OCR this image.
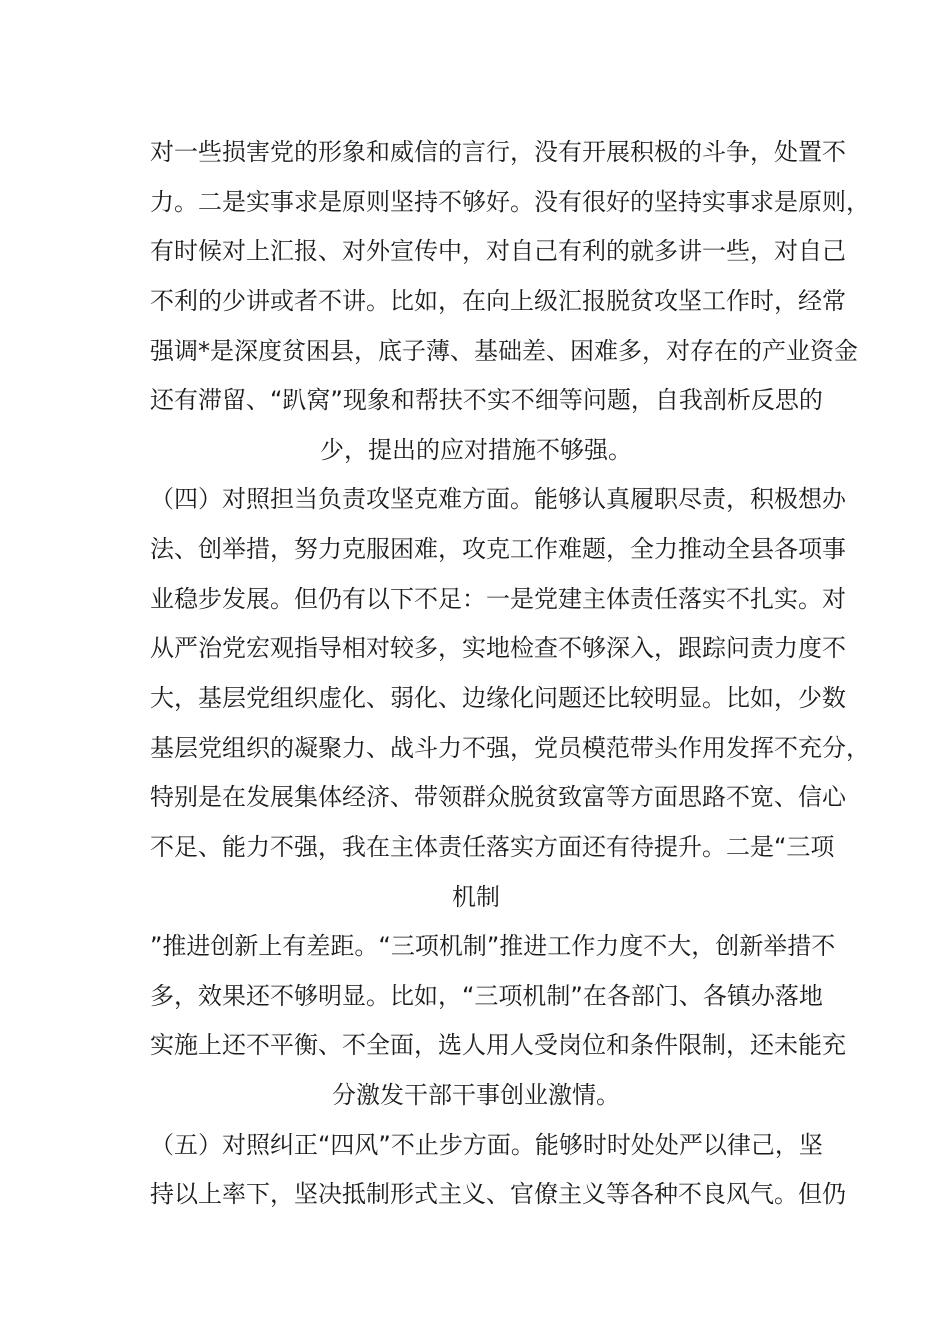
对一些损害党的形象和威信的言行，没有开展积极的斗争，处置不
力。二是实事求是原则坚持不够好。没有很好的坚持实事求是原则，
有时候对上汇报、对外宣传中，对自己有利的就多讲一些，对自己
不利的少讲或者不讲。比如，在向上级汇报脱贫攻坚工作时，经常
强调*是深度贫困县，底子薄、基础差、困难多，对存在的产业资金
还有滞留、“趴窝”现象和帮扶不实不细等问题，自我剖析反思的
少，提出的应对措施不够强。
（四）对照担当负责攻坚克难方面。能够认真履职尽责，积极想办
法、创举措，努力克服困难，攻克工作难题，全力推动全县各项事
业稳步发展。但仍有以下不足：一是党建主体责任落实不扎实。对
从严治党宏观指导相对较多，实地检查不够深入，跟踪问责力度不
大，基层党组织虚化、弱化、边缘化问题还比较明显。比如，少数
基层党组织的凝聚力、战斗力不强，党员模范带头作用发挥不充分，
特别是在发展集体经济、带领群众脱贫致富等方面思路不宽、信心
不足、能力不强，我在主体责任落实方面还有待提升。二是“三项
机制
”推进创新上有差距。“三项机制”推进工作力度不大，创新举措不
多，效果还不够明显。比如，“三项机制”在各部门、各镇办落地
实施上还不平衡、不全面，选人用人受岗位和条件限制，还未能充
分激发干部干事创业激情。
（五）对照纠正“四风”不止步方面。能够时时处处严以律己，坚
持以上率下，坚决抵制形式主义、官僚主义等各种不良风气。但仍
